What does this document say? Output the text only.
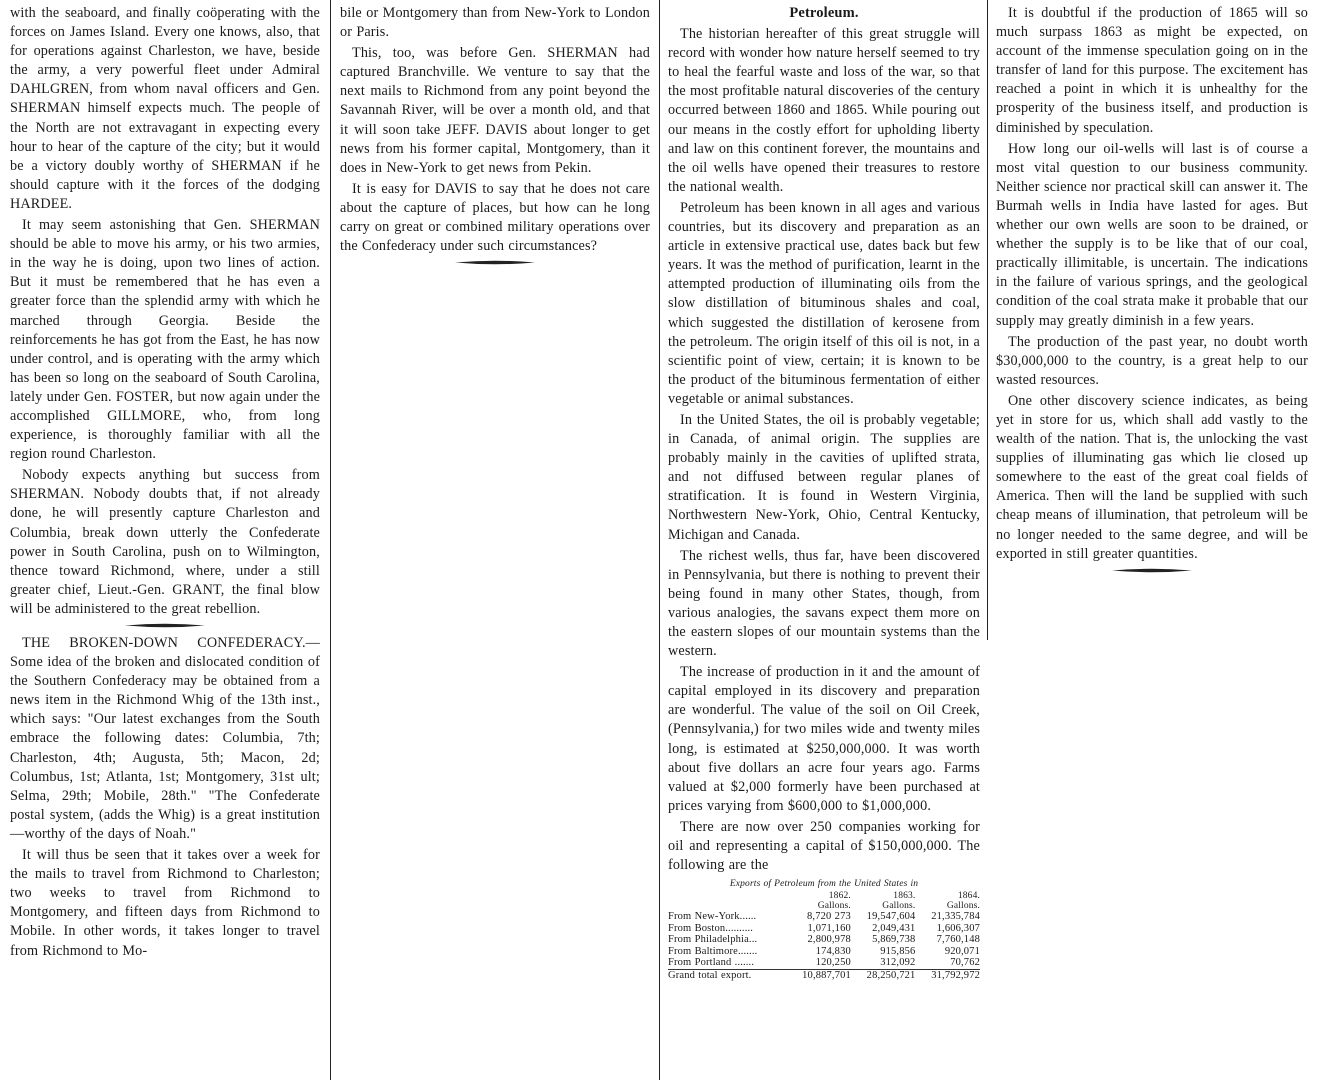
with the seaboard, and finally coöperating with the forces on James Island. Every one knows, also, that for operations against Charleston, we have, beside the army, a very powerful fleet under Admiral DAHLGREN, from whom naval officers and Gen. SHERMAN himself expects much. The people of the North are not extravagant in expecting every hour to hear of the capture of the city; but it would be a victory doubly worthy of SHERMAN if he should capture with it the forces of the dodging HARDEE.

It may seem astonishing that Gen. SHERMAN should be able to move his army, or his two armies, in the way he is doing, upon two lines of action. But it must be remembered that he has even a greater force than the splendid army with which he marched through Georgia. Beside the reinforcements he has got from the East, he has now under control, and is operating with the army which has been so long on the seaboard of South Carolina, lately under Gen. FOSTER, but now again under the accomplished GILLMORE, who, from long experience, is thoroughly familiar with all the region round Charleston.

Nobody expects anything but success from SHERMAN. Nobody doubts that, if not already done, he will presently capture Charleston and Columbia, break down utterly the Confederate power in South Carolina, push on to Wilmington, thence toward Richmond, where, under a still greater chief, Lieut.-Gen. GRANT, the final blow will be administered to the great rebellion.

THE BROKEN-DOWN CONFEDERACY.—Some idea of the broken and dislocated condition of the Southern Confederacy may be obtained from a news item in the Richmond Whig of the 13th inst., which says: "Our latest exchanges from the South embrace the following dates: Columbia, 7th; Charleston, 4th; Augusta, 5th; Macon, 2d; Columbus, 1st; Atlanta, 1st; Montgomery, 31st ult; Selma, 29th; Mobile, 28th." "The Confederate postal system, (adds the Whig) is a great institution—worthy of the days of Noah."

It will thus be seen that it takes over a week for the mails to travel from Richmond to Charleston; two weeks to travel from Richmond to Montgomery, and fifteen days from Richmond to Mobile. In other words, it takes longer to travel from Richmond to Mo-

bile or Montgomery than from New-York to London or Paris.

This, too, was before Gen. SHERMAN had captured Branchville. We venture to say that the next mails to Richmond from any point beyond the Savannah River, will be over a month old, and that it will soon take JEFF. DAVIS about longer to get news from his former capital, Montgomery, than it does in New-York to get news from Pekin.

It is easy for DAVIS to say that he does not care about the capture of places, but how can he long carry on great or combined military operations over the Confederacy under such circumstances?

Petroleum.

The historian hereafter of this great struggle will record with wonder how nature herself seemed to try to heal the fearful waste and loss of the war, so that the most profitable natural discoveries of the century occurred between 1860 and 1865. While pouring out our means in the costly effort for upholding liberty and law on this continent forever, the mountains and the oil wells have opened their treasures to restore the national wealth.

Petroleum has been known in all ages and various countries, but its discovery and preparation as an article in extensive practical use, dates back but few years. It was the method of purification, learnt in the attempted production of illuminating oils from the slow distillation of bituminous shales and coal, which suggested the distillation of kerosene from the petroleum. The origin itself of this oil is not, in a scientific point of view, certain; it is known to be the product of the bituminous fermentation of either vegetable or animal substances.

In the United States, the oil is probably vegetable; in Canada, of animal origin. The supplies are probably mainly in the cavities of uplifted strata, and not diffused between regular planes of stratification. It is found in Western Virginia, Northwestern New-York, Ohio, Central Kentucky, Michigan and Canada.

The richest wells, thus far, have been discovered in Pennsylvania, but there is nothing to prevent their being found in many other States, though, from various analogies, the savans expect them more on the eastern slopes of our mountain systems than the western.

The increase of production in it and the amount of capital employed in its discovery and preparation are wonderful. The value of the soil on Oil Creek, (Pennsylvania,) for two miles wide and twenty miles long, is estimated at $250,000,000. It was worth about five dollars an acre four years ago. Farms valued at $2,000 formerly have been purchased at prices varying from $600,000 to $1,000,000.

There are now over 250 companies working for oil and representing a capital of $150,000,000. The following are the

Exports of Petroleum from the United States in
	1862.	1863.	1864.
	Gallons.	Gallons.	Gallons.
From New-York......	8,720 273	19,547,604	21,335,784
From Boston..........	1,071,160	2,049,431	1,606,307
From Philadelphia...	2,800,978	5,869,738	7,760,148
From Baltimore.......	174,830	915,856	920,071
From Portland .......	120,250	312,092	70,762
Grand total export.	10,887,701	28,250,721	31,792,972

It is doubtful if the production of 1865 will so much surpass 1863 as might be expected, on account of the immense speculation going on in the transfer of land for this purpose. The excitement has reached a point in which it is unhealthy for the prosperity of the business itself, and production is diminished by speculation.

How long our oil-wells will last is of course a most vital question to our business community. Neither science nor practical skill can answer it. The Burmah wells in India have lasted for ages. But whether our own wells are soon to be drained, or whether the supply is to be like that of our coal, practically illimitable, is uncertain. The indications in the failure of various springs, and the geological condition of the coal strata make it probable that our supply may greatly diminish in a few years.

The production of the past year, no doubt worth $30,000,000 to the country, is a great help to our wasted resources.

One other discovery science indicates, as being yet in store for us, which shall add vastly to the wealth of the nation. That is, the unlocking the vast supplies of illuminating gas which lie closed up somewhere to the east of the great coal fields of America. Then will the land be supplied with such cheap means of illumination, that petroleum will be no longer needed to the same degree, and will be exported in still greater quantities.
